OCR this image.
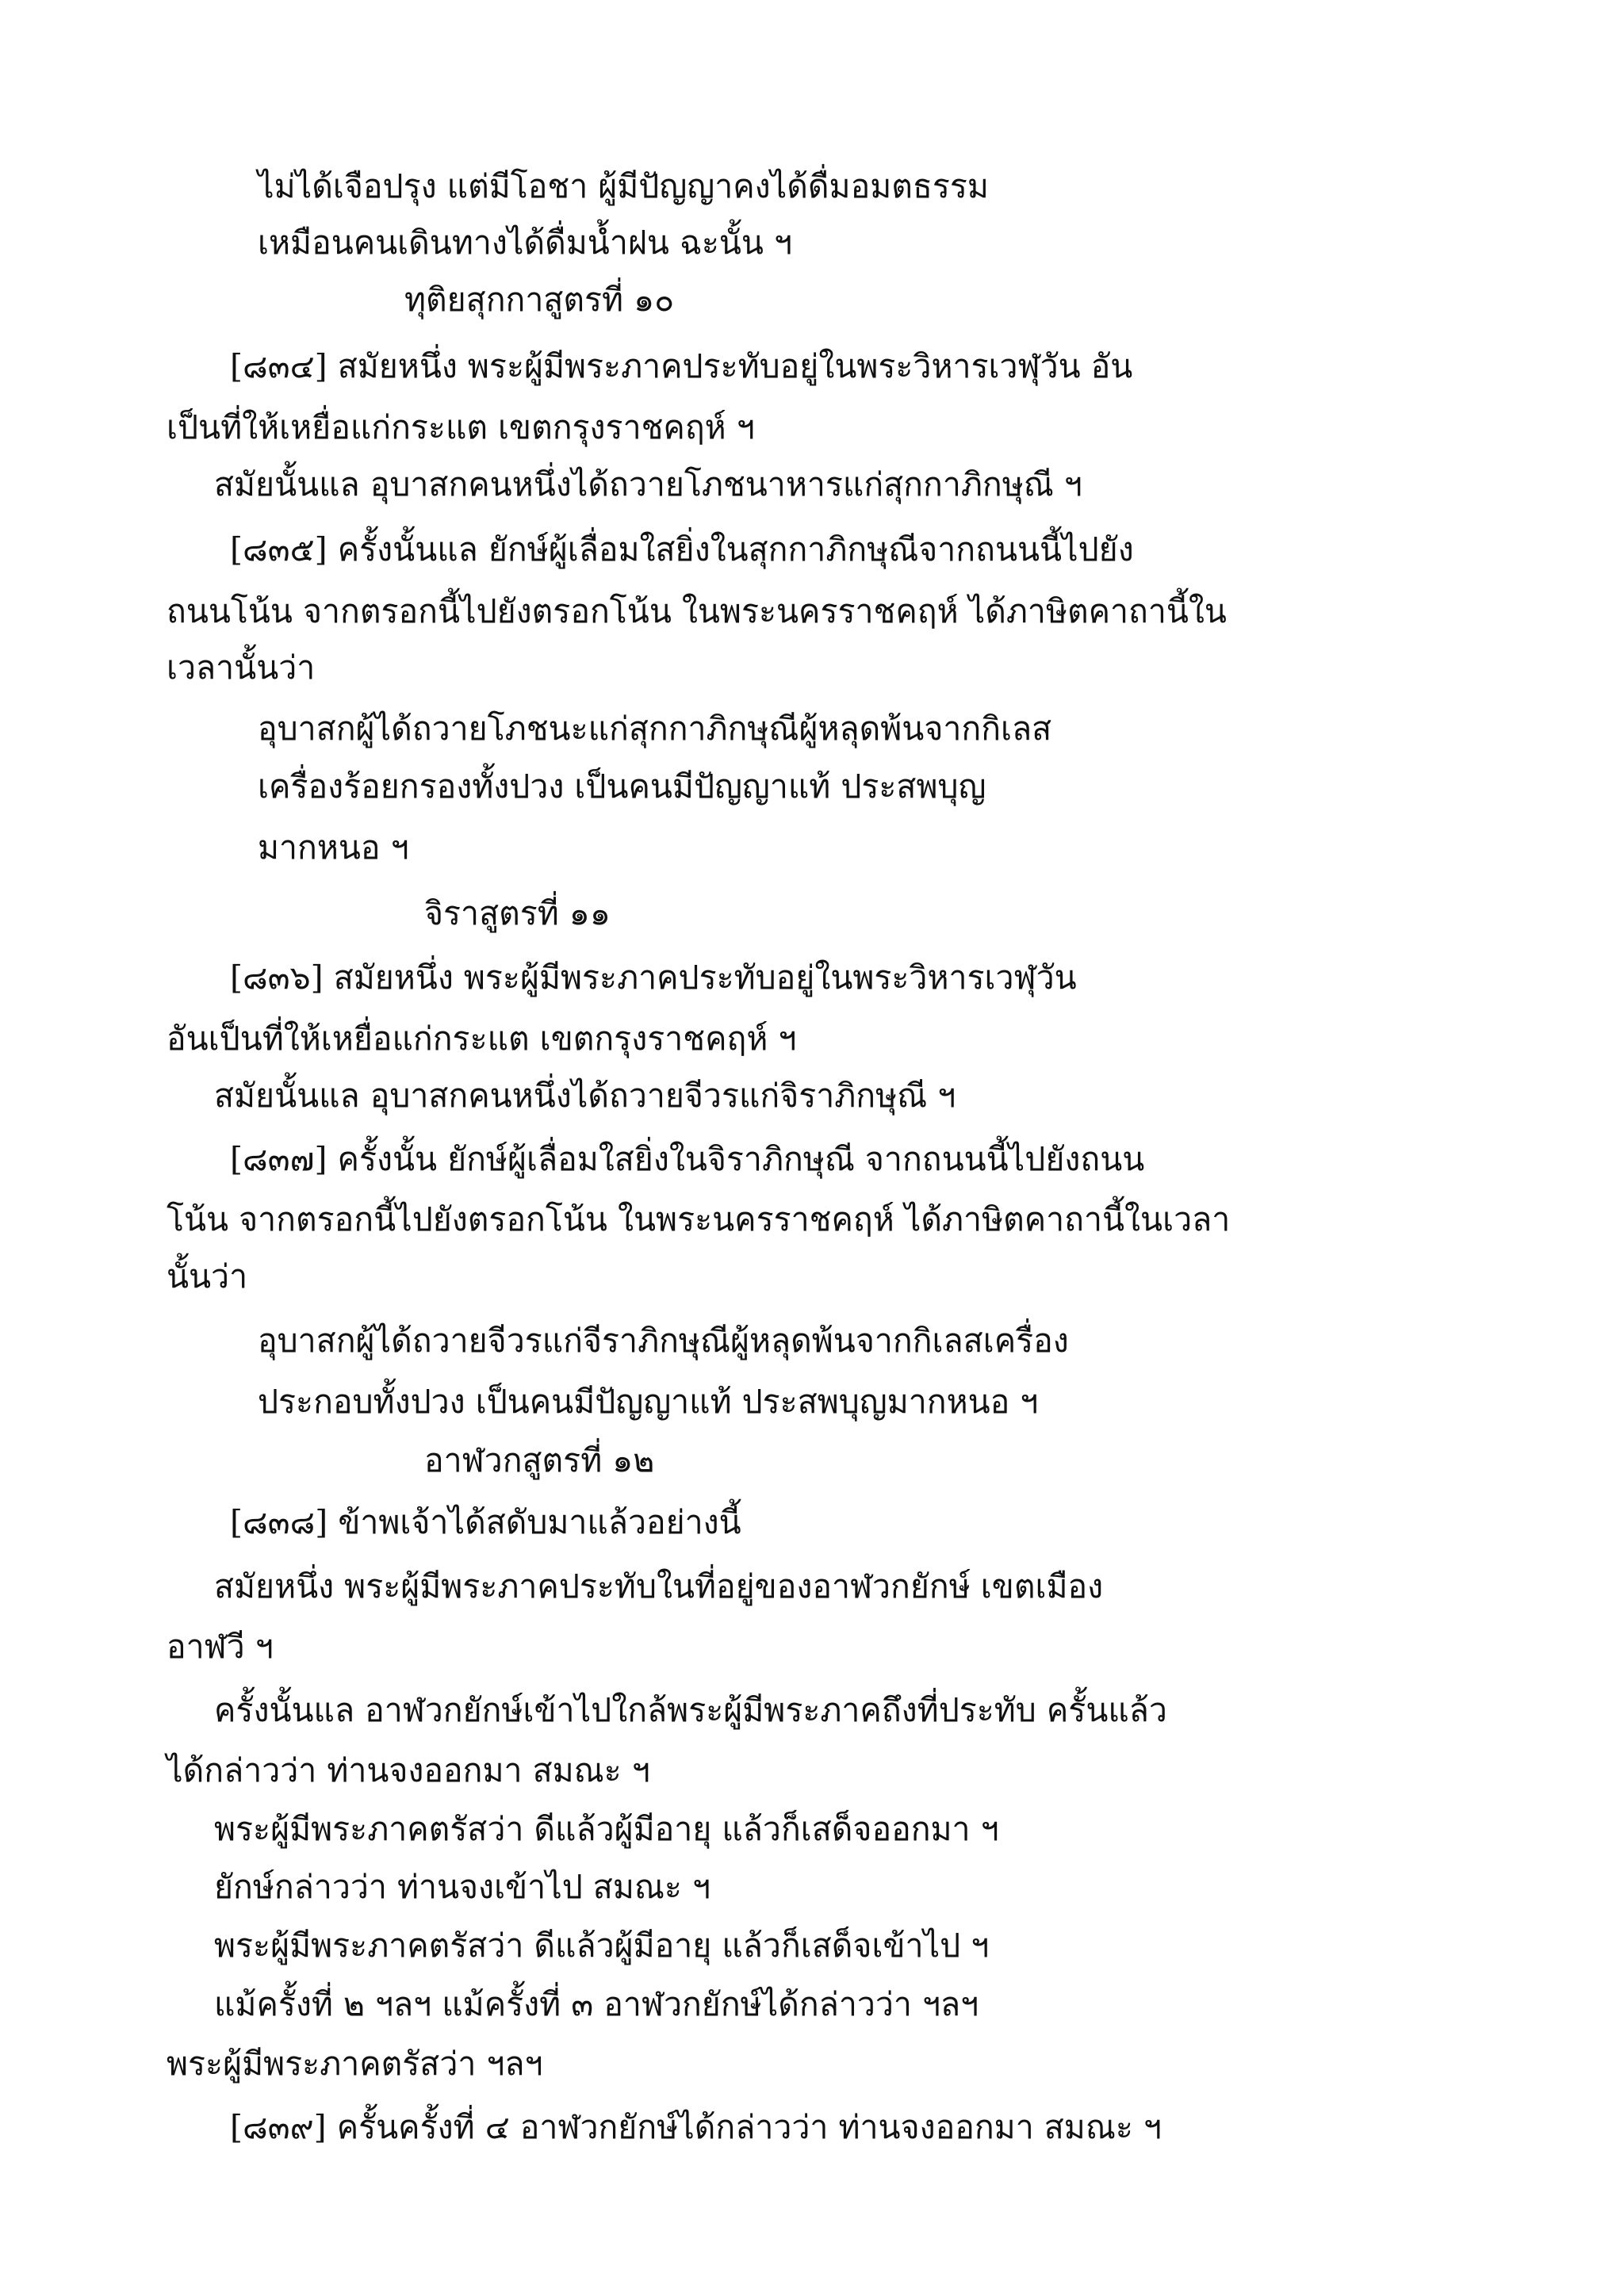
ไม่ได้เจือปรุง แต่มีโอชา ผู้มีปัญญาคงได้ดื่มอมตธรรม
เหมือนคนเดินทางได้ดื่มน้ำฝน ฉะนั้น ฯ
ทุติยสุกกาสูตรที่ ๑๐
[๘๓๔] สมัยหนึ่ง พระผู้มีพระภาคประทับอยู่ในพระวิหารเวฬุวัน อัน
เป็นที่ให้เหยื่อแก่กระแต เขตกรุงราชคฤห์ ฯ
สมัยนั้นแล อุบาสกคนหนึ่งได้ถวายโภชนาหารแก่สุกกาภิกษุณี ฯ
[๘๓๕] ครั้งนั้นแล ยักษ์ผู้เลื่อมใสยิ่งในสุกกาภิกษุณีจากถนนนี้ไปยัง
ถนนโน้น จากตรอกนี้ไปยังตรอกโน้น ในพระนครราชคฤห์ ได้ภาษิตคาถานี้ใน
เวลานั้นว่า
อุบาสกผู้ได้ถวายโภชนะแก่สุกกาภิกษุณีผู้หลุดพ้นจากกิเลส
เครื่องร้อยกรองทั้งปวง เป็นคนมีปัญญาแท้ ประสพบุญ
มากหนอ ฯ
จิราสูตรที่ ๑๑
[๘๓๖] สมัยหนึ่ง พระผู้มีพระภาคประทับอยู่ในพระวิหารเวฬุวัน
อันเป็นที่ให้เหยื่อแก่กระแต เขตกรุงราชคฤห์ ฯ
สมัยนั้นแล อุบาสกคนหนึ่งได้ถวายจีวรแก่จิราภิกษุณี ฯ
[๘๓๗] ครั้งนั้น ยักษ์ผู้เลื่อมใสยิ่งในจิราภิกษุณี จากถนนนี้ไปยังถนน
โน้น จากตรอกนี้ไปยังตรอกโน้น ในพระนครราชคฤห์ ได้ภาษิตคาถานี้ในเวลา
นั้นว่า
อุบาสกผู้ได้ถวายจีวรแก่จีราภิกษุณีผู้หลุดพ้นจากกิเลสเครื่อง
ประกอบทั้งปวง เป็นคนมีปัญญาแท้ ประสพบุญมากหนอ ฯ
อาฬวกสูตรที่ ๑๒
[๘๓๘] ข้าพเจ้าได้สดับมาแล้วอย่างนี้
สมัยหนึ่ง พระผู้มีพระภาคประทับในที่อยู่ของอาฬวกยักษ์ เขตเมือง
อาฬวี ฯ
ครั้งนั้นแล อาฬวกยักษ์เข้าไปใกล้พระผู้มีพระภาคถึงที่ประทับ ครั้นแล้ว
ได้กล่าวว่า ท่านจงออกมา สมณะ ฯ
พระผู้มีพระภาคตรัสว่า ดีแล้วผู้มีอายุ แล้วก็เสด็จออกมา ฯ
ยักษ์กล่าวว่า ท่านจงเข้าไป สมณะ ฯ
พระผู้มีพระภาคตรัสว่า ดีแล้วผู้มีอายุ แล้วก็เสด็จเข้าไป ฯ
แม้ครั้งที่ ๒ ฯลฯ แม้ครั้งที่ ๓ อาฬวกยักษ์ได้กล่าวว่า ฯลฯ
พระผู้มีพระภาคตรัสว่า ฯลฯ
[๘๓๙] ครั้นครั้งที่ ๔ อาฬวกยักษ์ได้กล่าวว่า ท่านจงออกมา สมณะ ฯ
